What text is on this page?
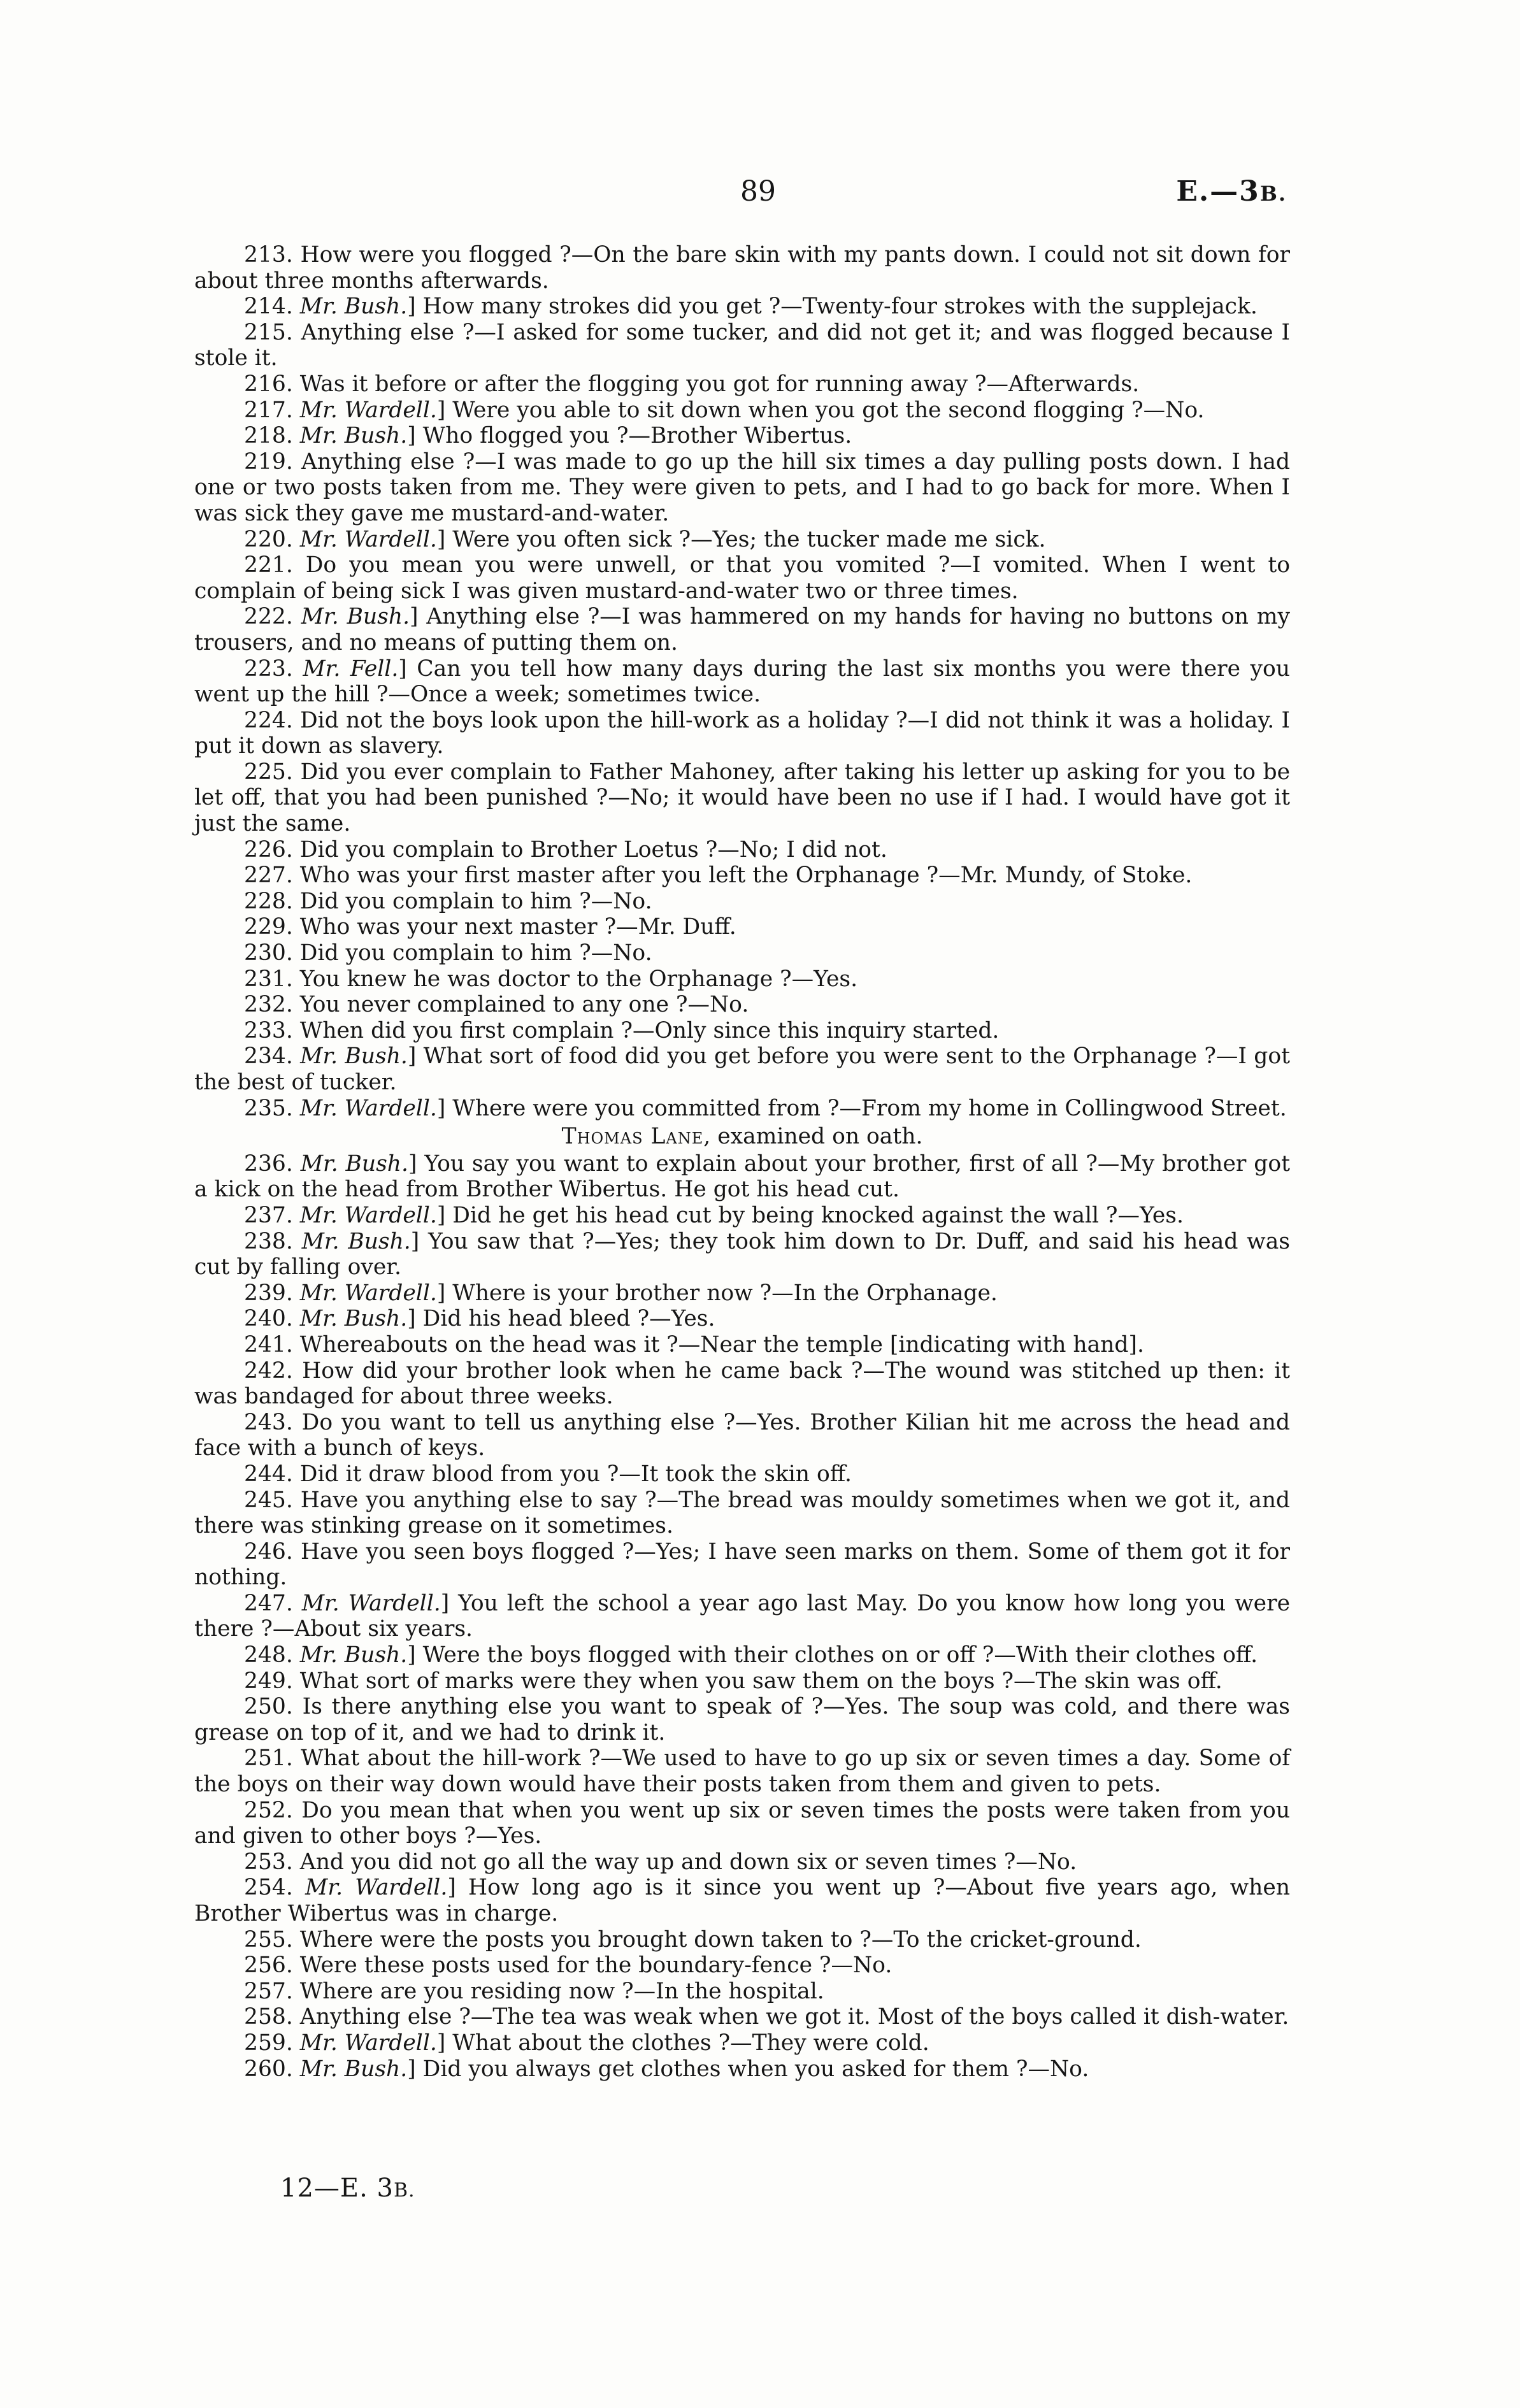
89	E.—3B.

213. How were you flogged ?—On the bare skin with my pants down. I could not sit down for about three months afterwards.

214. Mr. Bush.] How many strokes did you get ?—Twenty-four strokes with the supplejack.

215. Anything else ?—I asked for some tucker, and did not get it; and was flogged because I stole it.

216. Was it before or after the flogging you got for running away ?—Afterwards.

217. Mr. Wardell.] Were you able to sit down when you got the second flogging ?—No.

218. Mr. Bush.] Who flogged you ?—Brother Wibertus.

219. Anything else ?—I was made to go up the hill six times a day pulling posts down. I had one or two posts taken from me. They were given to pets, and I had to go back for more. When I was sick they gave me mustard-and-water.

220. Mr. Wardell.] Were you often sick ?—Yes; the tucker made me sick.

221. Do you mean you were unwell, or that you vomited ?—I vomited. When I went to complain of being sick I was given mustard-and-water two or three times.

222. Mr. Bush.] Anything else ?—I was hammered on my hands for having no buttons on my trousers, and no means of putting them on.

223. Mr. Fell.] Can you tell how many days during the last six months you were there you went up the hill ?—Once a week; sometimes twice.

224. Did not the boys look upon the hill-work as a holiday ?—I did not think it was a holiday. I put it down as slavery.

225. Did you ever complain to Father Mahoney, after taking his letter up asking for you to be let off, that you had been punished ?—No; it would have been no use if I had. I would have got it just the same.

226. Did you complain to Brother Loetus ?—No; I did not.

227. Who was your first master after you left the Orphanage ?—Mr. Mundy, of Stoke.

228. Did you complain to him ?—No.

229. Who was your next master ?—Mr. Duff.

230. Did you complain to him ?—No.

231. You knew he was doctor to the Orphanage ?—Yes.

232. You never complained to any one ?—No.

233. When did you first complain ?—Only since this inquiry started.

234. Mr. Bush.] What sort of food did you get before you were sent to the Orphanage ?—I got the best of tucker.

235. Mr. Wardell.] Where were you committed from ?—From my home in Collingwood Street.

Thomas Lane, examined on oath.

236. Mr. Bush.] You say you want to explain about your brother, first of all ?—My brother got a kick on the head from Brother Wibertus. He got his head cut.

237. Mr. Wardell.] Did he get his head cut by being knocked against the wall ?—Yes.

238. Mr. Bush.] You saw that ?—Yes; they took him down to Dr. Duff, and said his head was cut by falling over.

239. Mr. Wardell.] Where is your brother now ?—In the Orphanage.

240. Mr. Bush.] Did his head bleed ?—Yes.

241. Whereabouts on the head was it ?—Near the temple [indicating with hand].

242. How did your brother look when he came back ?—The wound was stitched up then: it was bandaged for about three weeks.

243. Do you want to tell us anything else ?—Yes. Brother Kilian hit me across the head and face with a bunch of keys.

244. Did it draw blood from you ?—It took the skin off.

245. Have you anything else to say ?—The bread was mouldy sometimes when we got it, and there was stinking grease on it sometimes.

246. Have you seen boys flogged ?—Yes; I have seen marks on them. Some of them got it for nothing.

247. Mr. Wardell.] You left the school a year ago last May. Do you know how long you were there ?—About six years.

248. Mr. Bush.] Were the boys flogged with their clothes on or off ?—With their clothes off.

249. What sort of marks were they when you saw them on the boys ?—The skin was off.

250. Is there anything else you want to speak of ?—Yes. The soup was cold, and there was grease on top of it, and we had to drink it.

251. What about the hill-work ?—We used to have to go up six or seven times a day. Some of the boys on their way down would have their posts taken from them and given to pets.

252. Do you mean that when you went up six or seven times the posts were taken from you and given to other boys ?—Yes.

253. And you did not go all the way up and down six or seven times ?—No.

254. Mr. Wardell.] How long ago is it since you went up ?—About five years ago, when Brother Wibertus was in charge.

255. Where were the posts you brought down taken to ?—To the cricket-ground.

256. Were these posts used for the boundary-fence ?—No.

257. Where are you residing now ?—In the hospital.

258. Anything else ?—The tea was weak when we got it. Most of the boys called it dish-water.

259. Mr. Wardell.] What about the clothes ?—They were cold.

260. Mr. Bush.] Did you always get clothes when you asked for them ?—No.

12—E. 3B.
